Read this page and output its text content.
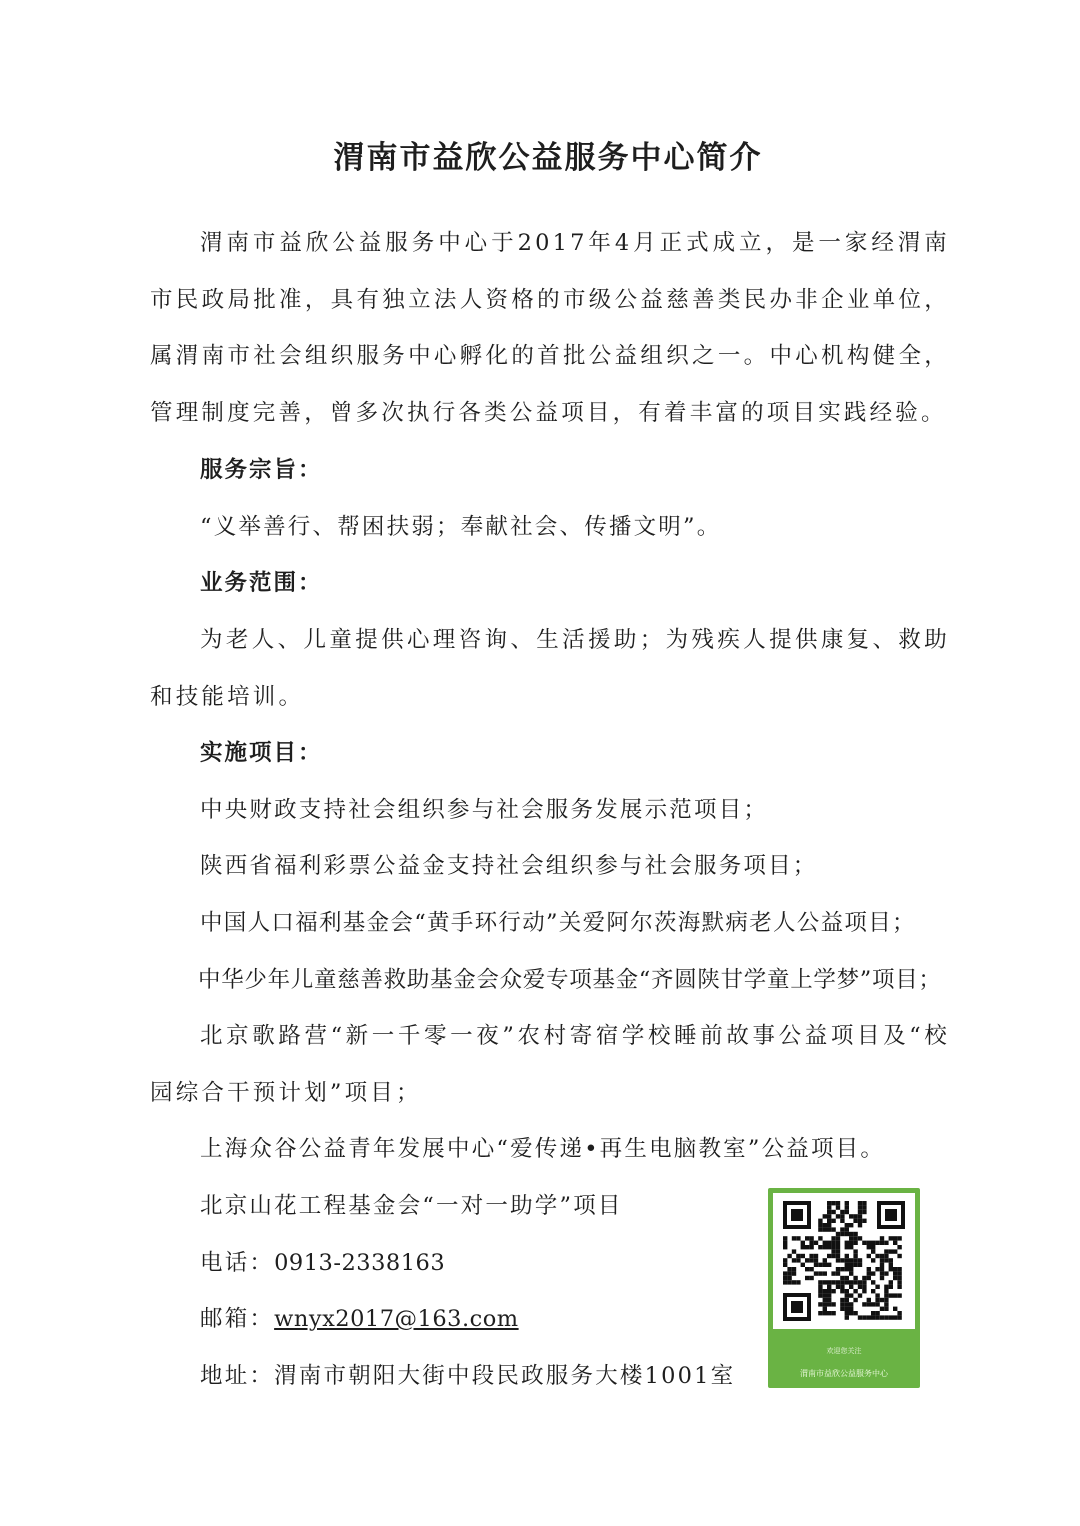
渭南市益欣公益服务中心简介
渭南市益欣公益服务中心于2017年4月正式成立，是一家经渭南市民政局批准，具有独立法人资格的市级公益慈善类民办非企业单位，属渭南市社会组织服务中心孵化的首批公益组织之一。中心机构健全，管理制度完善，曾多次执行各类公益项目，有着丰富的项目实践经验。
服务宗旨：
“义举善行、帮困扶弱；奉献社会、传播文明”。
业务范围：
为老人、儿童提供心理咨询、生活援助；为残疾人提供康复、救助和技能培训。
实施项目：
中央财政支持社会组织参与社会服务发展示范项目；
陕西省福利彩票公益金支持社会组织参与社会服务项目；
中国人口福利基金会“黄手环行动”关爱阿尔茨海默病老人公益项目；
中华少年儿童慈善救助基金会众爱专项基金“齐圆陕甘学童上学梦”项目；
北京歌路营“新一千零一夜”农村寄宿学校睡前故事公益项目及“校园综合干预计划”项目；
上海众谷公益青年发展中心“爱传递•再生电脑教室”公益项目。
北京山花工程基金会“一对一助学”项目
电话：0913-2338163
邮箱：wnyx2017@163.com
地址：渭南市朝阳大街中段民政服务大楼1001室
欢迎您关注
渭南市益欣公益服务中心
